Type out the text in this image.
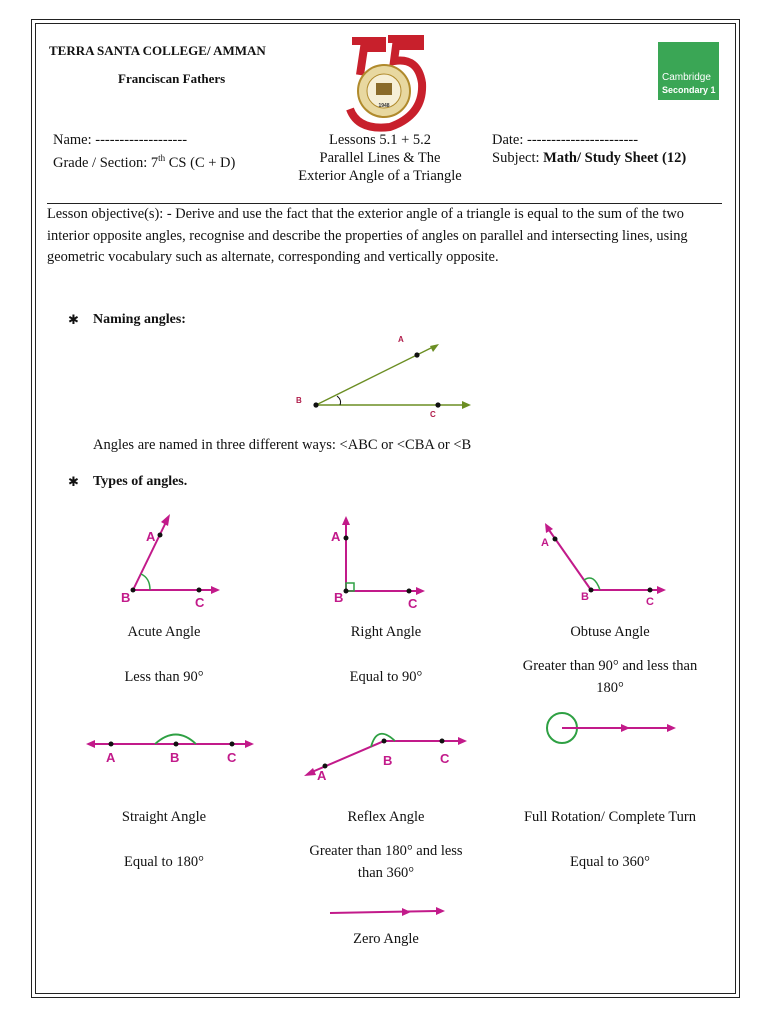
TERRA SANTA COLLEGE/ AMMAN
Franciscan Fathers
1948
Cambridge
Secondary 1
Name: -------------------
Grade / Section: 7th CS (C + D)
Lessons 5.1 + 5.2
Parallel Lines & The
Exterior Angle of a Triangle
Date: -----------------------
Subject: Math/ Study Sheet (12)
Lesson objective(s): - Derive and use the fact that the exterior angle of a triangle is equal to the sum of the two interior opposite angles, recognise and describe the properties of angles on parallel and intersecting lines, using geometric vocabulary such as alternate, corresponding and vertically opposite.
✱ Naming angles:
A
B
C
Angles are named in three different ways: <ABC or <CBA or <B
✱ Types of angles.
A
B	C
Acute Angle
Less than 90°
A
B	C
Right Angle
Equal to 90°
A
B	C
Obtuse Angle
Greater than 90° and less than
180°
A	B	C
Straight Angle
Equal to 180°
A
B	C
Reflex Angle
Greater than 180° and less
than 360°
Full Rotation/ Complete Turn
Equal to 360°
Zero Angle
